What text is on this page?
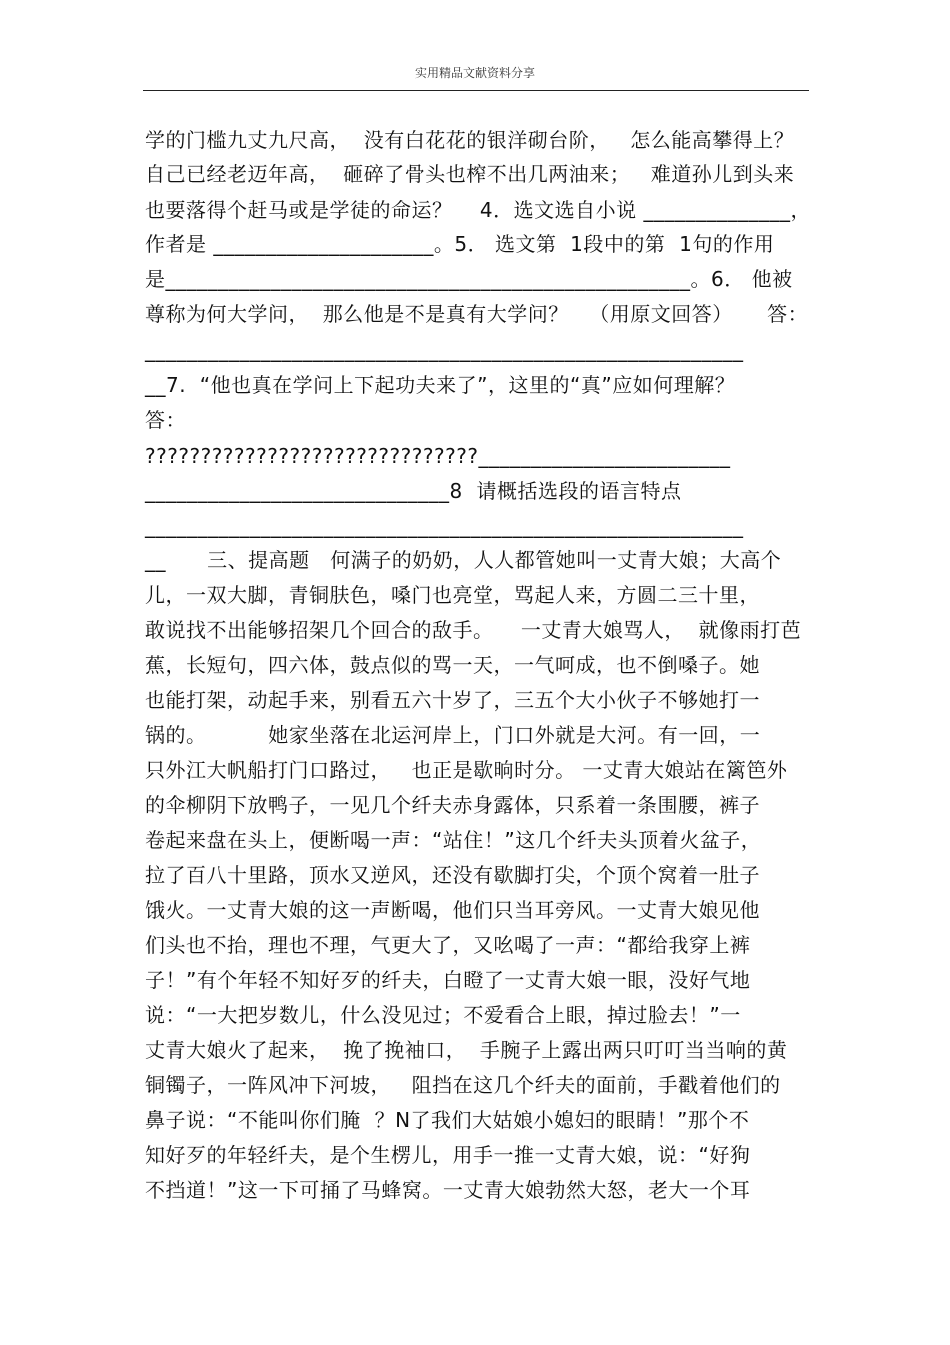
实用精品文献资料分享
学的门槛九丈九尺高，  没有白花花的银洋砌台阶，   怎么能高攀得上？
自己已经老迈年高，  砸碎了骨头也榨不出几两油来；   难道孙儿到头来
也要落得个赶马或是学徒的命运？    4．选文选自小说 ______________，
作者是 _____________________。5． 选文第  1段中的第  1句的作用
是__________________________________________________。6． 他被
尊称为何大学问，  那么他是不是真有大学问？   （用原文回答）     答：
_________________________________________________________
__7.  “他也真在学问上下起功夫来了”，这里的“真”应如何理解？
答：
??????????????????????????????________________________
_____________________________8  请概括选段的语言特点
_________________________________________________________
__      三、提高题   何满子的奶奶，人人都管她叫一丈青大娘；大高个
儿，一双大脚，青铜肤色，嗓门也亮堂，骂起人来，方圆二三十里，
敢说找不出能够招架几个回合的敌手。    一丈青大娘骂人，  就像雨打芭
蕉，长短句，四六体，鼓点似的骂一天，一气呵成，也不倒嗓子。她
也能打架，动起手来，别看五六十岁了，三五个大小伙子不够她打一
锅的。         她家坐落在北运河岸上，门口外就是大河。有一回，一
只外江大帆船打门口路过，   也正是歇晌时分。 一丈青大娘站在篱笆外
的伞柳阴下放鸭子，一见几个纤夫赤身露体，只系着一条围腰，裤子
卷起来盘在头上，便断喝一声：“站住！”这几个纤夫头顶着火盆子，
拉了百八十里路，顶水又逆风，还没有歇脚打尖，个顶个窝着一肚子
饿火。一丈青大娘的这一声断喝，他们只当耳旁风。一丈青大娘见他
们头也不抬，理也不理，气更大了，又吆喝了一声：“都给我穿上裤
子！”有个年轻不知好歹的纤夫，白瞪了一丈青大娘一眼，没好气地
说：“一大把岁数儿，什么没见过；不爱看合上眼，掉过脸去！”一
丈青大娘火了起来，  挽了挽袖口，  手腕子上露出两只叮叮当当响的黄
铜镯子，一阵风冲下河坡，   阻挡在这几个纤夫的面前，手戳着他们的
鼻子说：“不能叫你们腌  ？N了我们大姑娘小媳妇的眼睛！”那个不
知好歹的年轻纤夫，是个生楞儿，用手一推一丈青大娘，说：“好狗
不挡道！”这一下可捅了马蜂窝。一丈青大娘勃然大怒，老大一个耳
